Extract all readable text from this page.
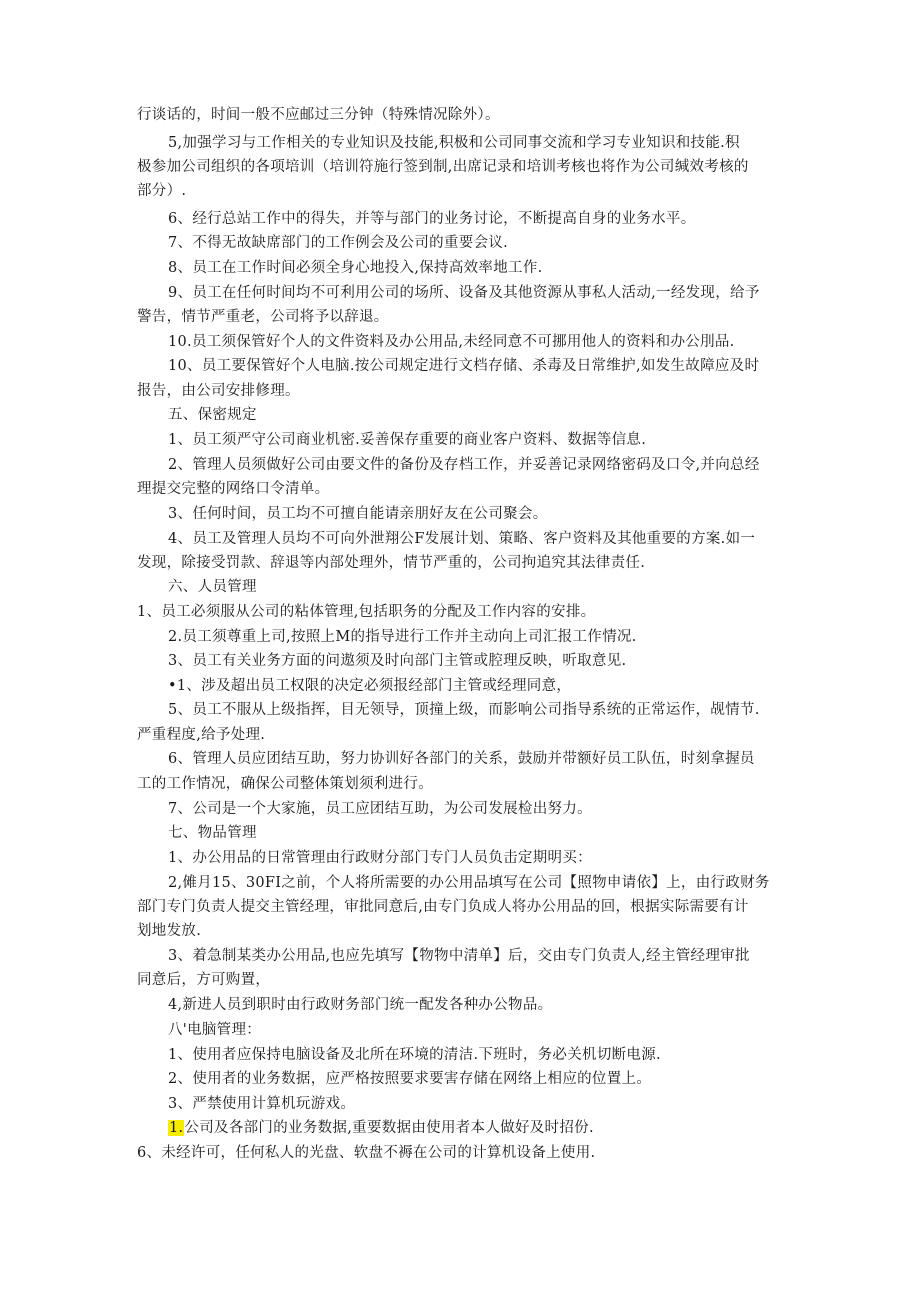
行谈话的，时间一般不应邮过三分钟（特殊情况除外）。
5,加强学习与工作相关的专业知识及技能,积极和公司同事交流和学习专业知识和技能.积
极参加公司组织的各项培训（培训符施行签到制,出席记录和培训考核也将作为公司缄效考核的
部分）.
6、经行总站工作中的得失，并等与部门的业务讨论，不断提高自身的业务水平。
7、不得无故缺席部门的工作例会及公司的重要会议.
8、员工在工作时间必须全身心地投入,保持高效率地工作.
9、员工在任何时间均不可利用公司的场所、设备及其他资源从事私人活动,一经发现，给予
警告，情节严重老，公司将予以辞退。
10.员工须保管好个人的文件资料及办公用品,未经同意不可挪用他人的资料和办公刖品.
10、员工要保管好个人电脑.按公司规定进行文档存储、杀毒及日常维护,如发生故障应及时
报告，由公司安排修理。
五、保密规定
1、员工须严守公司商业机密.妥善保存重要的商业客户资料、数据等信息.
2、管理人员须做好公司由要文件的备份及存档工作，并妥善记录网络密码及口令,并向总经
理提交完整的网络口令清单。
3、任何时间，员工均不可擅自能请亲朋好友在公司聚会。
4、员工及管理人员均不可向外泄翔公F发展计划、策略、客户资料及其他重要的方案.如一
发现，除接受罚款、辞退等内部处理外，情节严重的，公司拘追究其法律责任.
六、人员管理
1、员工必须服从公司的粘体管理,包括职务的分配及工作内容的安排。
2.员工须尊重上司,按照上M的指导进行工作并主动向上司汇报工作情况.
3、员工有关业务方面的问遨须及时向部门主管或腔理反映，听取意见.
•1、涉及超出员工权限的决定必须报经部门主管或经理同意，
5、员工不服从上级指挥，目无领导，顶撞上级，而影响公司指导系统的正常运作，觇情节.
严重程度,给予处理.
6、管理人员应团结互助，努力协训好各部门的关系，鼓励并带额好员工队伍，时刻拿握员
工的工作情况，确保公司整体策划须利进行。
7、公司是一个大家施，员工应团结互助，为公司发展检出努力。
七、物品管理
1、办公用品的日常管理由行政财分部门专门人员负击定期明买：
2,傩月15、30FI之前，个人将所需要的办公用品填写在公司【照物申请依】上，由行政财务
部门专门负责人提交主管经理，审批同意后,由专门负成人将办公用品的回，根据实际需要有计
划地发放.
3、着急制某类办公用品,也应先填写【物物中清单】后，交由专门负责人,经主管经理审批
同意后，方可购置，
4,新进人员到职时由行政财务部门统一配发各种办公物品。
八'电脑管理：
1、使用者应保持电脑设备及北所在环境的清洁.下班时，务必关机切断电源.
2、使用者的业务数据，应严格按照要求要害存储在网络上相应的位置上。
3、严禁使用计算机玩游戏。
1.公司及各部门的业务数据,重要数据由使用者本人做好及时招份.
6、未经许可，任何私人的光盘、软盘不褥在公司的计算机设备上使用.
